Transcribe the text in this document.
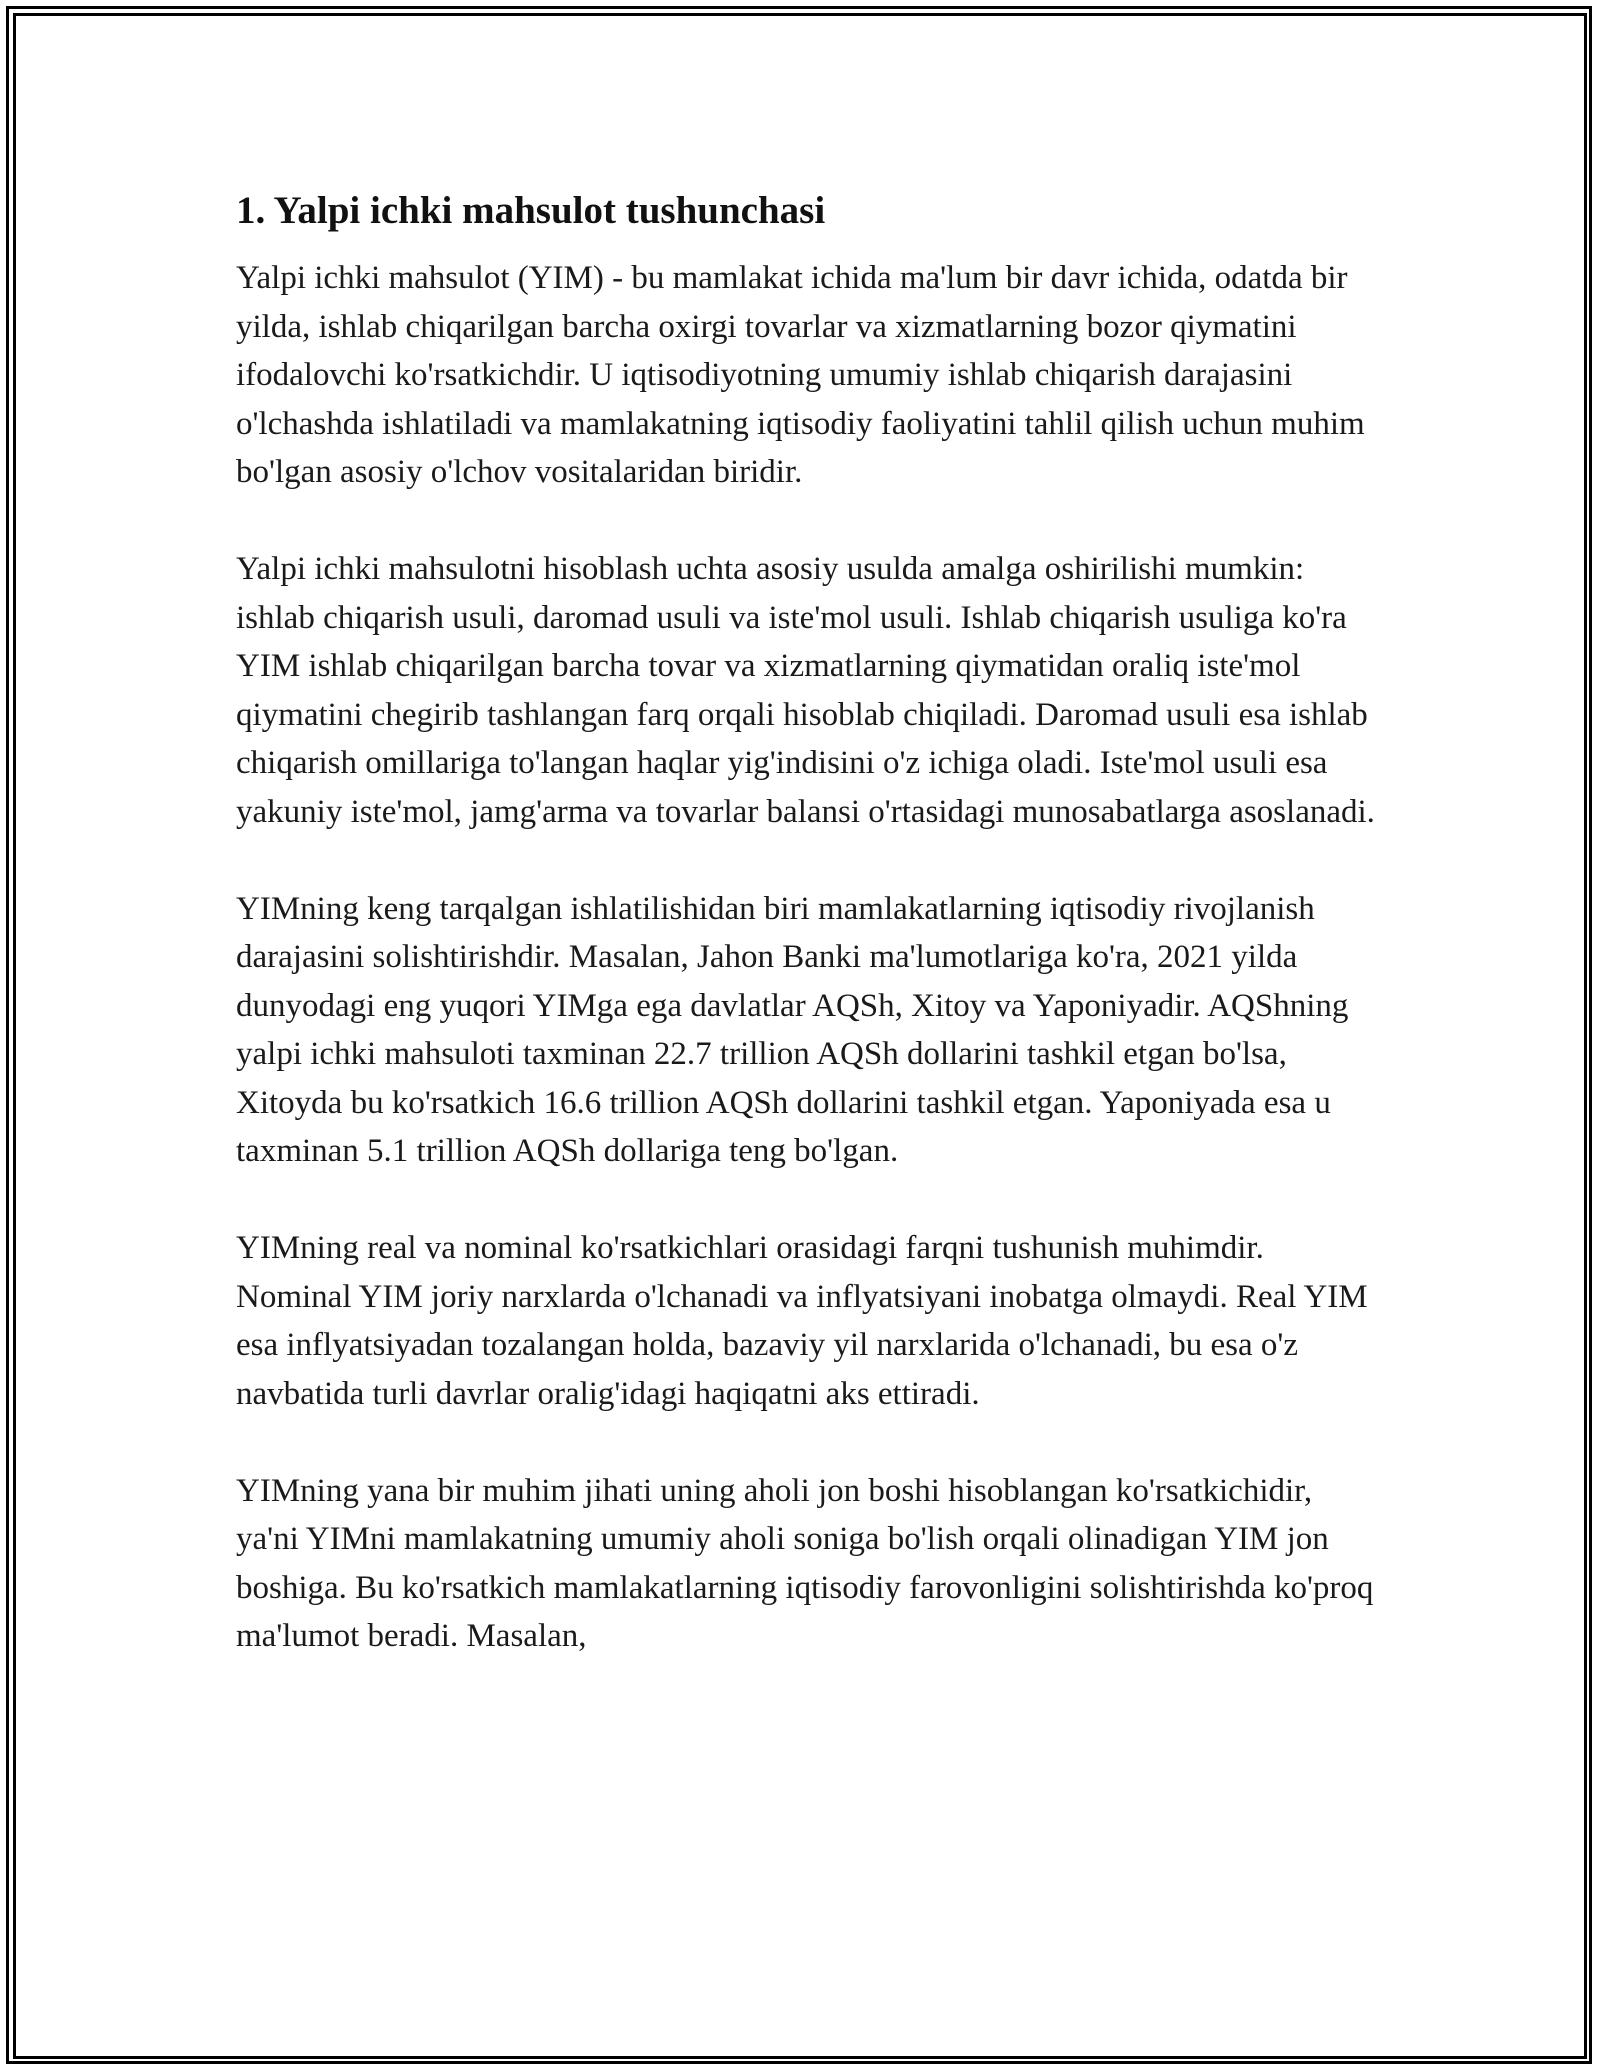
1. Yalpi ichki mahsulot tushunchasi

Yalpi ichki mahsulot (YIM) - bu mamlakat ichida ma'lum bir davr ichida, odatda bir yilda, ishlab chiqarilgan barcha oxirgi tovarlar va xizmatlarning bozor qiymatini ifodalovchi ko'rsatkichdir. U iqtisodiyotning umumiy ishlab chiqarish darajasini o'lchashda ishlatiladi va mamlakatning iqtisodiy faoliyatini tahlil qilish uchun muhim bo'lgan asosiy o'lchov vositalaridan biridir.

Yalpi ichki mahsulotni hisoblash uchta asosiy usulda amalga oshirilishi mumkin: ishlab chiqarish usuli, daromad usuli va iste'mol usuli. Ishlab chiqarish usuliga ko'ra YIM ishlab chiqarilgan barcha tovar va xizmatlarning qiymatidan oraliq iste'mol qiymatini chegirib tashlangan farq orqali hisoblab chiqiladi. Daromad usuli esa ishlab chiqarish omillariga to'langan haqlar yig'indisini o'z ichiga oladi. Iste'mol usuli esa yakuniy iste'mol, jamg'arma va tovarlar balansi o'rtasidagi munosabatlarga asoslanadi.

YIMning keng tarqalgan ishlatilishidan biri mamlakatlarning iqtisodiy rivojlanish darajasini solishtirishdir. Masalan, Jahon Banki ma'lumotlariga ko'ra, 2021 yilda dunyodagi eng yuqori YIMga ega davlatlar AQSh, Xitoy va Yaponiyadir. AQShning yalpi ichki mahsuloti taxminan 22.7 trillion AQSh dollarini tashkil etgan bo'lsa, Xitoyda bu ko'rsatkich 16.6 trillion AQSh dollarini tashkil etgan. Yaponiyada esa u taxminan 5.1 trillion AQSh dollariga teng bo'lgan.

YIMning real va nominal ko'rsatkichlari orasidagi farqni tushunish muhimdir. Nominal YIM joriy narxlarda o'lchanadi va inflyatsiyani inobatga olmaydi. Real YIM esa inflyatsiyadan tozalangan holda, bazaviy yil narxlarida o'lchanadi, bu esa o'z navbatida turli davrlar oralig'idagi haqiqatni aks ettiradi.

YIMning yana bir muhim jihati uning aholi jon boshi hisoblangan ko'rsatkichidir, ya'ni YIMni mamlakatning umumiy aholi soniga bo'lish orqali olinadigan YIM jon boshiga. Bu ko'rsatkich mamlakatlarning iqtisodiy farovonligini solishtirishda ko'proq ma'lumot beradi. Masalan,
